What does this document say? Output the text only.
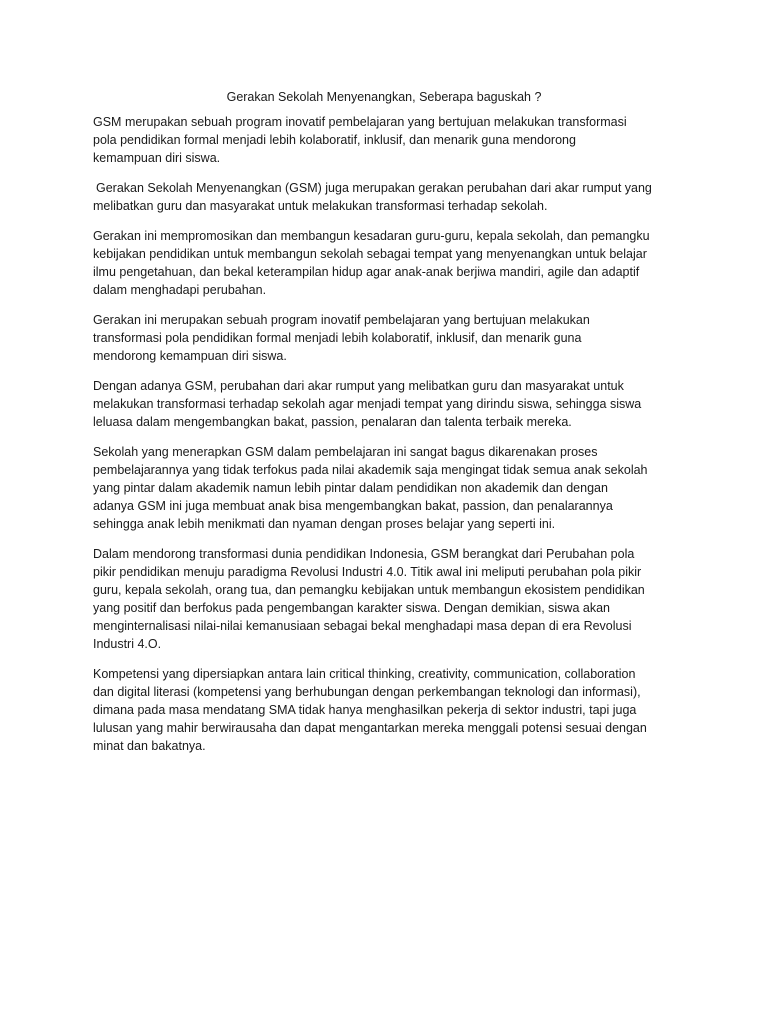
Gerakan Sekolah Menyenangkan, Seberapa baguskah ?

GSM merupakan sebuah program inovatif pembelajaran yang bertujuan melakukan transformasi
pola pendidikan formal menjadi lebih kolaboratif, inklusif, dan menarik guna mendorong
kemampuan diri siswa.

Gerakan Sekolah Menyenangkan (GSM) juga merupakan gerakan perubahan dari akar rumput yang
melibatkan guru dan masyarakat untuk melakukan transformasi terhadap sekolah.

Gerakan ini mempromosikan dan membangun kesadaran guru-guru, kepala sekolah, dan pemangku
kebijakan pendidikan untuk membangun sekolah sebagai tempat yang menyenangkan untuk belajar
ilmu pengetahuan, dan bekal keterampilan hidup agar anak-anak berjiwa mandiri, agile dan adaptif
dalam menghadapi perubahan.

Gerakan ini merupakan sebuah program inovatif pembelajaran yang bertujuan melakukan
transformasi pola pendidikan formal menjadi lebih kolaboratif, inklusif, dan menarik guna
mendorong kemampuan diri siswa.

Dengan adanya GSM, perubahan dari akar rumput yang melibatkan guru dan masyarakat untuk
melakukan transformasi terhadap sekolah agar menjadi tempat yang dirindu siswa, sehingga siswa
leluasa dalam mengembangkan bakat, passion, penalaran dan talenta terbaik mereka.

Sekolah yang menerapkan GSM dalam pembelajaran ini sangat bagus dikarenakan proses
pembelajarannya yang tidak terfokus pada nilai akademik saja mengingat tidak semua anak sekolah
yang pintar dalam akademik namun lebih pintar dalam pendidikan non akademik dan dengan
adanya GSM ini juga membuat anak bisa mengembangkan bakat, passion, dan penalarannya
sehingga anak lebih menikmati dan nyaman dengan proses belajar yang seperti ini.

Dalam mendorong transformasi dunia pendidikan Indonesia, GSM berangkat dari Perubahan pola
pikir pendidikan menuju paradigma Revolusi Industri 4.0. Titik awal ini meliputi perubahan pola pikir
guru, kepala sekolah, orang tua, dan pemangku kebijakan untuk membangun ekosistem pendidikan
yang positif dan berfokus pada pengembangan karakter siswa. Dengan demikian, siswa akan
menginternalisasi nilai-nilai kemanusiaan sebagai bekal menghadapi masa depan di era Revolusi
Industri 4.O.

Kompetensi yang dipersiapkan antara lain critical thinking, creativity, communication, collaboration
dan digital literasi (kompetensi yang berhubungan dengan perkembangan teknologi dan informasi),
dimana pada masa mendatang SMA tidak hanya menghasilkan pekerja di sektor industri, tapi juga
lulusan yang mahir berwirausaha dan dapat mengantarkan mereka menggali potensi sesuai dengan
minat dan bakatnya.
